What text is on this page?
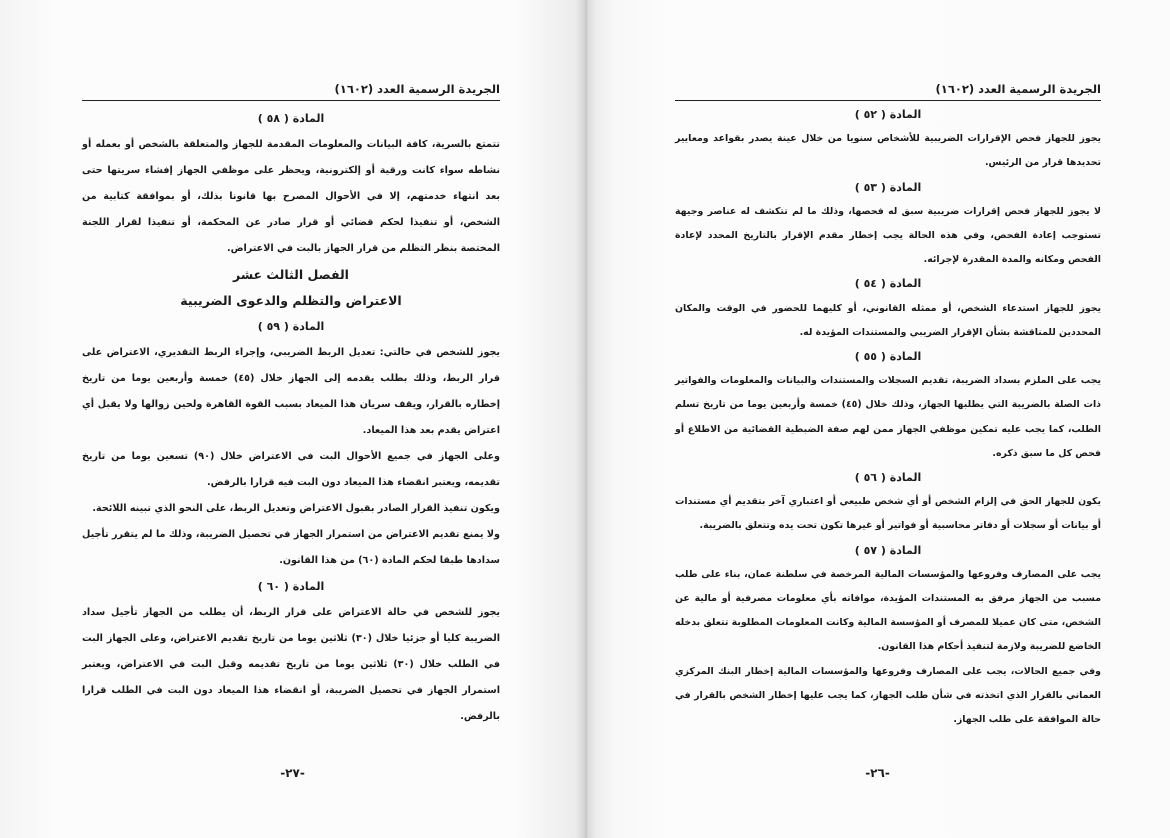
الجريدة الرسمية العدد (١٦٠٢)

المادة ( ٥٨ )

تتمتع بالسرية، كافة البيانات والمعلومات المقدمة للجهاز والمتعلقة بالشخص أو بعمله أو نشاطه سواء كانت ورقية أو إلكترونية، ويحظر على موظفي الجهاز إفشاء سريتها حتى بعد انتهاء خدمتهم، إلا في الأحوال المصرح بها قانونا بذلك، أو بموافقة كتابية من الشخص، أو تنفيذا لحكم قضائي أو قرار صادر عن المحكمة، أو تنفيذا لقرار اللجنة المختصة بنظر التظلم من قرار الجهاز بالبت في الاعتراض.

الفصل الثالث عشر

الاعتراض والتظلم والدعوى الضريبية

المادة ( ٥٩ )

يجوز للشخص في حالتي: تعديل الربط الضريبي، وإجراء الربط التقديري، الاعتراض على قرار الربط، وذلك بطلب يقدمه إلى الجهاز خلال (٤٥) خمسة وأربعين يوما من تاريخ إخطاره بالقرار، ويقف سريان هذا الميعاد بسبب القوة القاهرة ولحين زوالها ولا يقبل أي اعتراض يقدم بعد هذا الميعاد.

وعلى الجهاز في جميع الأحوال البت في الاعتراض خلال (٩٠) تسعين يوما من تاريخ تقديمه، ويعتبر انقضاء هذا الميعاد دون البت فيه قرارا بالرفض.

ويكون تنفيذ القرار الصادر بقبول الاعتراض وتعديل الربط، على النحو الذي تبينه اللائحة.

ولا يمنع تقديم الاعتراض من استمرار الجهاز في تحصيل الضريبة، وذلك ما لم يتقرر تأجيل سدادها طبقا لحكم المادة (٦٠) من هذا القانون.

المادة ( ٦٠ )

يجوز للشخص في حالة الاعتراض على قرار الربط، أن يطلب من الجهاز تأجيل سداد الضريبة كليا أو جزئيا خلال (٣٠) ثلاثين يوما من تاريخ تقديم الاعتراض، وعلى الجهاز البت في الطلب خلال (٣٠) ثلاثين يوما من تاريخ تقديمه وقبل البت في الاعتراض، ويعتبر استمرار الجهاز في تحصيل الضريبة، أو انقضاء هذا الميعاد دون البت في الطلب قرارا بالرفض.

-٢٧-
الجريدة الرسمية العدد (١٦٠٢)

المادة ( ٥٢ )

يجوز للجهاز فحص الإقرارات الضريبية للأشخاص سنويا من خلال عينة يصدر بقواعد ومعايير تحديدها قرار من الرئيس.

المادة ( ٥٣ )

لا يجوز للجهاز فحص إقرارات ضريبية سبق له فحصها، وذلك ما لم تتكشف له عناصر وجيهة تستوجب إعادة الفحص، وفي هذه الحالة يجب إخطار مقدم الإقرار بالتاريخ المحدد لإعادة الفحص ومكانه والمدة المقدرة لإجرائه.

المادة ( ٥٤ )

يجوز للجهاز استدعاء الشخص، أو ممثله القانوني، أو كليهما للحضور في الوقت والمكان المحددين للمناقشة بشأن الإقرار الضريبي والمستندات المؤيدة له.

المادة ( ٥٥ )

يجب على الملزم بسداد الضريبة، تقديم السجلات والمستندات والبيانات والمعلومات والفواتير ذات الصلة بالضريبة التي يطلبها الجهاز، وذلك خلال (٤٥) خمسة وأربعين يوما من تاريخ تسلم الطلب، كما يجب عليه تمكين موظفي الجهاز ممن لهم صفة الضبطية القضائية من الاطلاع أو فحص كل ما سبق ذكره.

المادة ( ٥٦ )

يكون للجهاز الحق في إلزام الشخص أو أي شخص طبيعي أو اعتباري آخر بتقديم أي مستندات أو بيانات أو سجلات أو دفاتر محاسبية أو فواتير أو غيرها تكون تحت يده وتتعلق بالضريبة.

المادة ( ٥٧ )

يجب على المصارف وفروعها والمؤسسات المالية المرخصة في سلطنة عمان، بناء على طلب مسبب من الجهاز مرفق به المستندات المؤيدة، موافاته بأي معلومات مصرفية أو مالية عن الشخص، متى كان عميلا للمصرف أو المؤسسة المالية وكانت المعلومات المطلوبة تتعلق بدخله الخاضع للضريبة ولازمة لتنفيذ أحكام هذا القانون.

وفي جميع الحالات، يجب على المصارف وفروعها والمؤسسات المالية إخطار البنك المركزي العماني بالقرار الذي اتخذته في شأن طلب الجهاز، كما يجب عليها إخطار الشخص بالقرار في حالة الموافقة على طلب الجهاز.

-٢٦-
